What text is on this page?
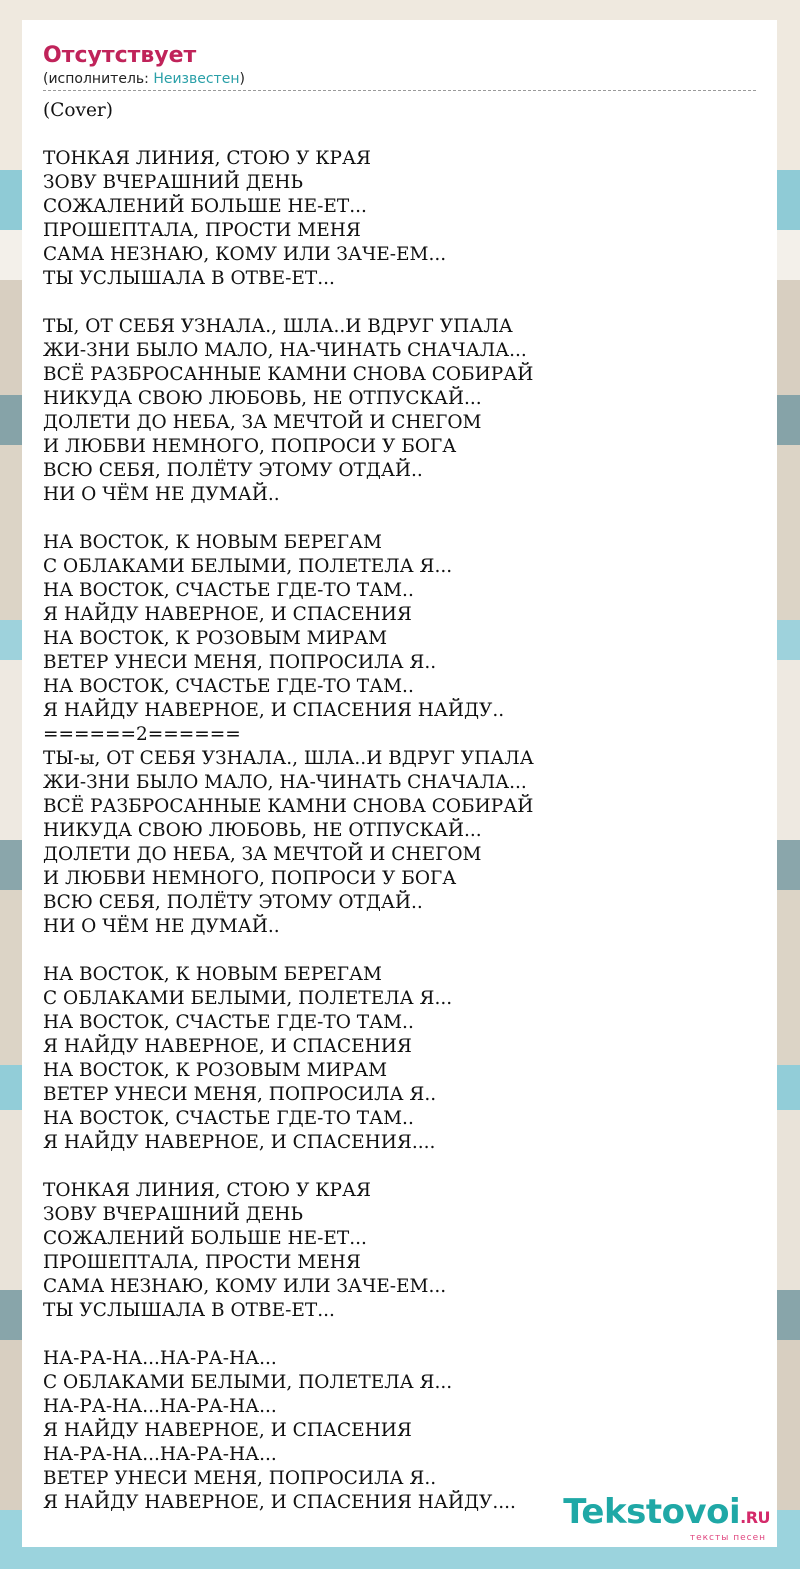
Отсутствует
(исполнитель: Неизвестен)
(Cover)

ТОНКАЯ ЛИНИЯ, СТОЮ У КРАЯ
ЗОВУ ВЧЕРАШНИЙ ДЕНЬ
СОЖАЛЕНИЙ БОЛЬШЕ НЕ-ЕТ...
ПРОШЕПТАЛА, ПРОСТИ МЕНЯ
САМА НЕЗНАЮ, КОМУ ИЛИ ЗАЧЕ-ЕМ...
ТЫ УСЛЫШАЛА В ОТВЕ-ЕТ...

ТЫ, ОТ СЕБЯ УЗНАЛА., ШЛА..И ВДРУГ УПАЛА
ЖИ-ЗНИ БЫЛО МАЛО, НА-ЧИНАТЬ СНАЧАЛА...
ВСЁ РАЗБРОСАННЫЕ КАМНИ СНОВА СОБИРАЙ
НИКУДА СВОЮ ЛЮБОВЬ, НЕ ОТПУСКАЙ...
ДОЛЕТИ ДО НЕБА, ЗА МЕЧТОЙ И СНЕГОМ
И ЛЮБВИ НЕМНОГО, ПОПРОСИ У БОГА
ВСЮ СЕБЯ, ПОЛЁТУ ЭТОМУ ОТДАЙ..
НИ О ЧЁМ НЕ ДУМАЙ..

НА ВОСТОК, К НОВЫМ БЕРЕГАМ
С ОБЛАКАМИ БЕЛЫМИ, ПОЛЕТЕЛА Я...
НА ВОСТОК, СЧАСТЬЕ ГДЕ-ТО ТАМ..
Я НАЙДУ НАВЕРНОЕ, И СПАСЕНИЯ
НА ВОСТОК, К РОЗОВЫМ МИРАМ
ВЕТЕР УНЕСИ МЕНЯ, ПОПРОСИЛА Я..
НА ВОСТОК, СЧАСТЬЕ ГДЕ-ТО ТАМ..
Я НАЙДУ НАВЕРНОЕ, И СПАСЕНИЯ НАЙДУ..
======2======
ТЫ-ы, ОТ СЕБЯ УЗНАЛА., ШЛА..И ВДРУГ УПАЛА
ЖИ-ЗНИ БЫЛО МАЛО, НА-ЧИНАТЬ СНАЧАЛА...
ВСЁ РАЗБРОСАННЫЕ КАМНИ СНОВА СОБИРАЙ
НИКУДА СВОЮ ЛЮБОВЬ, НЕ ОТПУСКАЙ...
ДОЛЕТИ ДО НЕБА, ЗА МЕЧТОЙ И СНЕГОМ
И ЛЮБВИ НЕМНОГО, ПОПРОСИ У БОГА
ВСЮ СЕБЯ, ПОЛЁТУ ЭТОМУ ОТДАЙ..
НИ О ЧЁМ НЕ ДУМАЙ..

НА ВОСТОК, К НОВЫМ БЕРЕГАМ
С ОБЛАКАМИ БЕЛЫМИ, ПОЛЕТЕЛА Я...
НА ВОСТОК, СЧАСТЬЕ ГДЕ-ТО ТАМ..
Я НАЙДУ НАВЕРНОЕ, И СПАСЕНИЯ
НА ВОСТОК, К РОЗОВЫМ МИРАМ
ВЕТЕР УНЕСИ МЕНЯ, ПОПРОСИЛА Я..
НА ВОСТОК, СЧАСТЬЕ ГДЕ-ТО ТАМ..
Я НАЙДУ НАВЕРНОЕ, И СПАСЕНИЯ....

ТОНКАЯ ЛИНИЯ, СТОЮ У КРАЯ
ЗОВУ ВЧЕРАШНИЙ ДЕНЬ
СОЖАЛЕНИЙ БОЛЬШЕ НЕ-ЕТ...
ПРОШЕПТАЛА, ПРОСТИ МЕНЯ
САМА НЕЗНАЮ, КОМУ ИЛИ ЗАЧЕ-ЕМ...
ТЫ УСЛЫШАЛА В ОТВЕ-ЕТ...

НА-РА-НА...НА-РА-НА...
С ОБЛАКАМИ БЕЛЫМИ, ПОЛЕТЕЛА Я...
НА-РА-НА...НА-РА-НА...
Я НАЙДУ НАВЕРНОЕ, И СПАСЕНИЯ
НА-РА-НА...НА-РА-НА...
ВЕТЕР УНЕСИ МЕНЯ, ПОПРОСИЛА Я..
Я НАЙДУ НАВЕРНОЕ, И СПАСЕНИЯ НАЙДУ....	Tekstovoi.RU
тексты песен
